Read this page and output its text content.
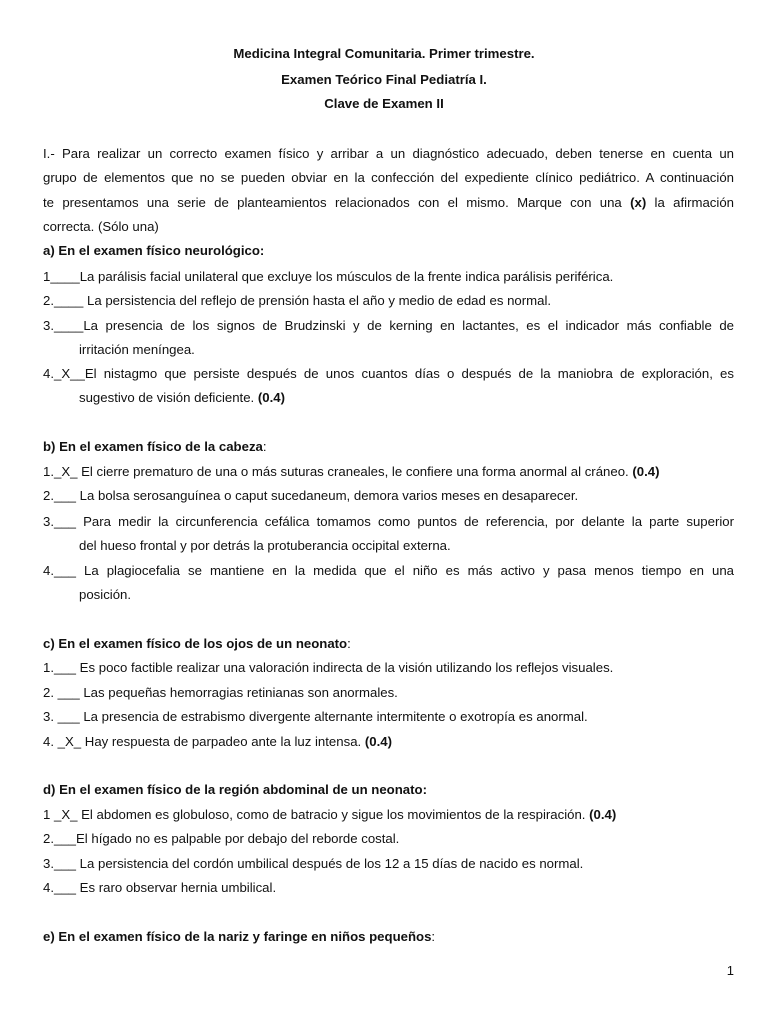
Medicina Integral Comunitaria. Primer trimestre.
Examen Teórico Final Pediatría I.
Clave de Examen II
I.- Para realizar un correcto examen físico y arribar a un diagnóstico adecuado, deben tenerse en cuenta un
grupo de elementos que no se pueden obviar en la confección del expediente clínico pediátrico. A continuación
te presentamos una serie de planteamientos relacionados con el mismo. Marque con una (x) la afirmación
correcta. (Sólo una)
a) En el examen físico neurológico:
1____La parálisis facial unilateral que excluye los músculos de la frente indica parálisis periférica.
2.____ La persistencia del reflejo de prensión hasta el año y medio de edad es normal.
3.____La presencia de los signos de Brudzinski y de kerning en lactantes, es el indicador más confiable de
irritación meníngea.
4._X__El nistagmo que persiste después de unos cuantos días o después de la maniobra de exploración, es
sugestivo de visión deficiente. (0.4)
b) En el examen físico de la cabeza:
1._X_ El cierre prematuro de una o más suturas craneales, le confiere una forma anormal al cráneo. (0.4)
2.___ La bolsa serosanguínea o caput sucedaneum, demora varios meses en desaparecer.
3.___ Para medir la circunferencia cefálica tomamos como puntos de referencia, por delante la parte superior
del hueso frontal y por detrás la protuberancia occipital externa.
4.___ La plagiocefalia se mantiene en la medida que el niño es más activo y pasa menos tiempo en una
posición.
c) En el examen físico de los ojos de un neonato:
1.___ Es poco factible realizar una valoración indirecta de la visión utilizando los reflejos visuales.
2. ___ Las pequeñas hemorragias retinianas son anormales.
3. ___ La presencia de estrabismo divergente alternante intermitente o exotropía es anormal.
4. _X_ Hay respuesta de parpadeo ante la luz intensa. (0.4)
d) En el examen físico de la región abdominal de un neonato:
1 _X_ El abdomen es globuloso, como de batracio y sigue los movimientos de la respiración. (0.4)
2.___El hígado no es palpable por debajo del reborde costal.
3.___ La persistencia del cordón umbilical después de los 12 a 15 días de nacido es normal.
4.___ Es raro observar hernia umbilical.
e) En el examen físico de la nariz y faringe en niños pequeños:
1
